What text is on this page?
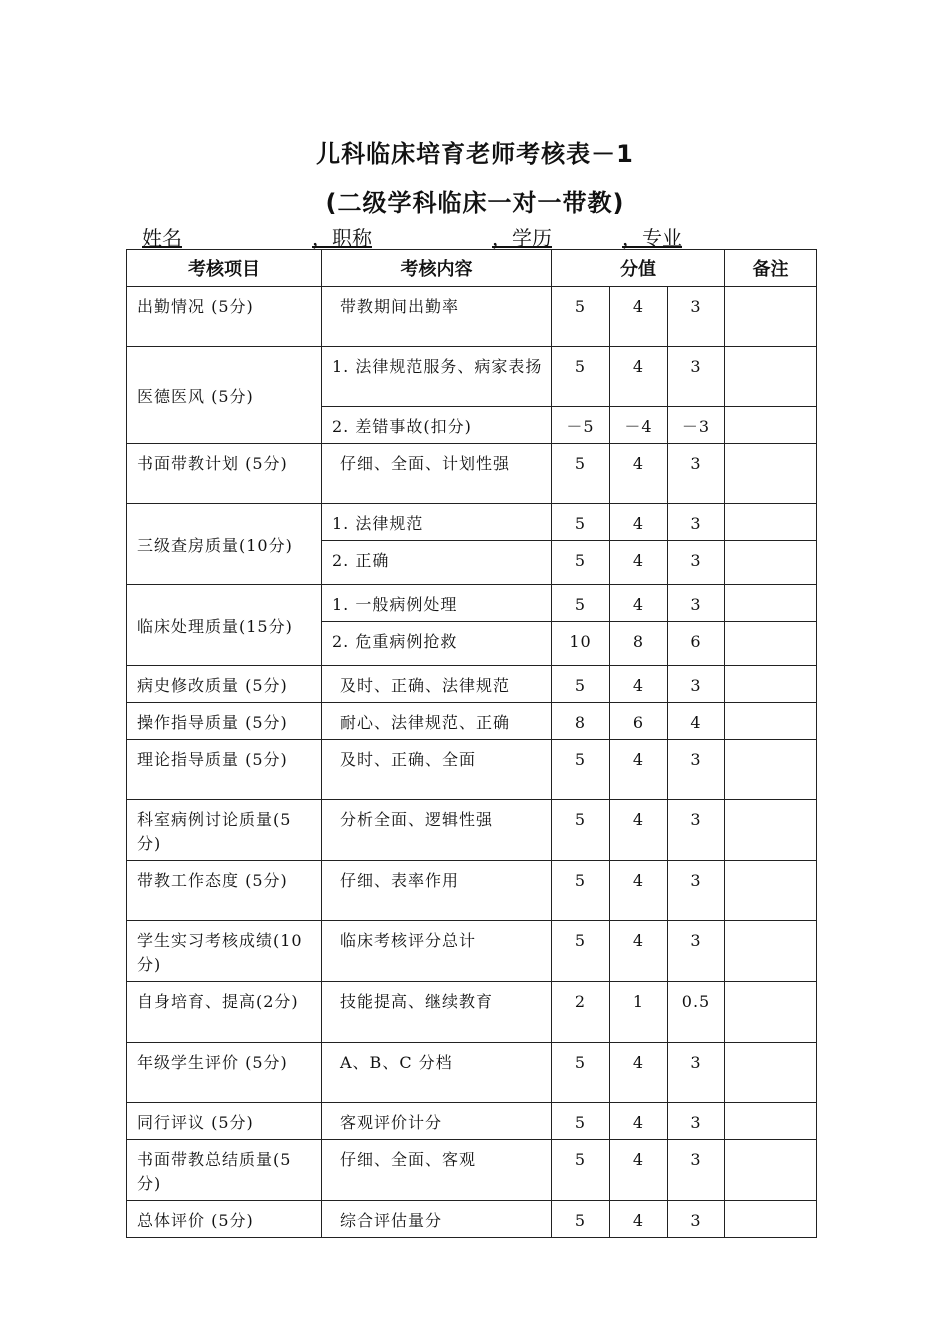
儿科临床培育老师考核表－1
(二级学科临床一对一带教)
姓名	，职称	，学历	，专业
考核项目	考核内容	分值			备注
出勤情况 (5分)	带教期间出勤率	5	4	3	
医德医风 (5分)	1. 法律规范服务、病家表扬	5	4	3	
	2. 差错事故(扣分)	－5	－4	－3	
书面带教计划 (5分)	仔细、全面、计划性强	5	4	3	
三级查房质量(10分)	1. 法律规范	5	4	3	
	2. 正确	5	4	3	
临床处理质量(15分)	1. 一般病例处理	5	4	3	
	2. 危重病例抢救	10	8	6	
病史修改质量 (5分)	及时、正确、法律规范	5	4	3	
操作指导质量 (5分)	耐心、法律规范、正确	8	6	4	
理论指导质量 (5分)	及时、正确、全面	5	4	3	
科室病例讨论质量(5分)	分析全面、逻辑性强	5	4	3	
带教工作态度 (5分)	仔细、表率作用	5	4	3	
学生实习考核成绩(10分)	临床考核评分总计	5	4	3	
自身培育、提高(2分)	技能提高、继续教育	2	1	0.5	
年级学生评价 (5分)	A、B、C 分档	5	4	3	
同行评议 (5分)	客观评价计分	5	4	3	
书面带教总结质量(5分)	仔细、全面、客观	5	4	3	
总体评价 (5分)	综合评估量分	5	4	3	
